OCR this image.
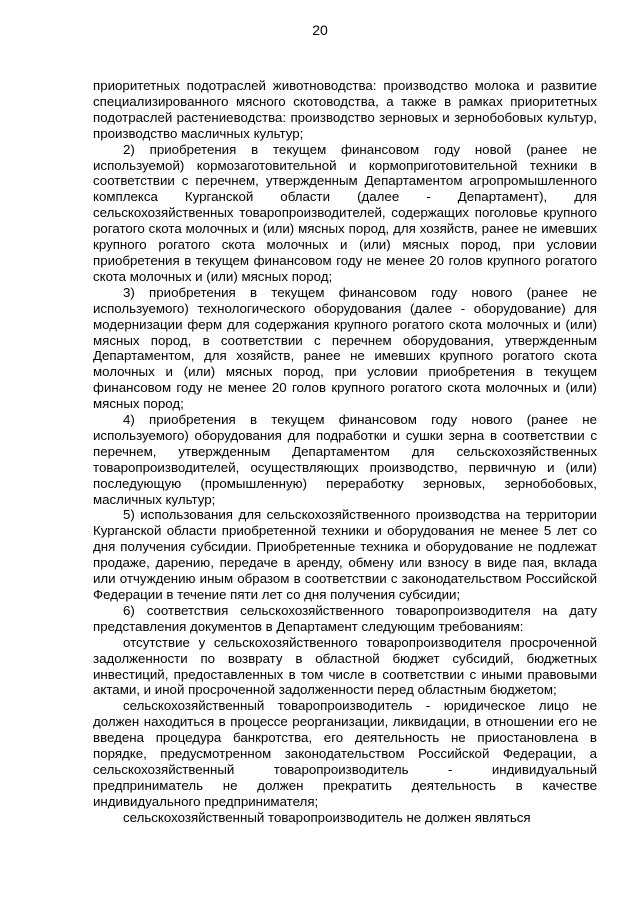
20

приоритетных подотраслей животноводства: производство молока и развитие специализированного мясного скотоводства, а также в рамках приоритетных подотраслей растениеводства: производство зерновых и зернобобовых культур, производство масличных культур;

2) приобретения в текущем финансовом году новой (ранее не используемой) кормозаготовительной и кормоприготовительной техники в соответствии с перечнем, утвержденным Департаментом агропромышленного комплекса Курганской области (далее - Департамент), для сельскохозяйственных товаропроизводителей, содержащих поголовье крупного рогатого скота молочных и (или) мясных пород, для хозяйств, ранее не имевших крупного рогатого скота молочных и (или) мясных пород, при условии приобретения в текущем финансовом году не менее 20 голов крупного рогатого скота молочных и (или) мясных пород;

3) приобретения в текущем финансовом году нового (ранее не используемого) технологического оборудования (далее - оборудование) для модернизации ферм для содержания крупного рогатого скота молочных и (или) мясных пород, в соответствии с перечнем оборудования, утвержденным Департаментом, для хозяйств, ранее не имевших крупного рогатого скота молочных и (или) мясных пород, при условии приобретения в текущем финансовом году не менее 20 голов крупного рогатого скота молочных и (или) мясных пород;

4) приобретения в текущем финансовом году нового (ранее не используемого) оборудования для подработки и сушки зерна в соответствии с перечнем, утвержденным Департаментом для сельскохозяйственных товаропроизводителей, осуществляющих производство, первичную и (или) последующую (промышленную) переработку зерновых, зернобобовых, масличных культур;

5) использования для сельскохозяйственного производства на территории Курганской области приобретенной техники и оборудования не менее 5 лет со дня получения субсидии. Приобретенные техника и оборудование не подлежат продаже, дарению, передаче в аренду, обмену или взносу в виде пая, вклада или отчуждению иным образом в соответствии с законодательством Российской Федерации в течение пяти лет со дня получения субсидии;

6) соответствия сельскохозяйственного товаропроизводителя на дату представления документов в Департамент следующим требованиям:

отсутствие у сельскохозяйственного товаропроизводителя просроченной задолженности по возврату в областной бюджет субсидий, бюджетных инвестиций, предоставленных в том числе в соответствии с иными правовыми актами, и иной просроченной задолженности перед областным бюджетом;

сельскохозяйственный товаропроизводитель - юридическое лицо не должен находиться в процессе реорганизации, ликвидации, в отношении его не введена процедура банкротства, его деятельность не приостановлена в порядке, предусмотренном законодательством Российской Федерации, а сельскохозяйственный товаропроизводитель - индивидуальный предприниматель не должен прекратить деятельность в качестве индивидуального предпринимателя;

сельскохозяйственный товаропроизводитель не должен являться
